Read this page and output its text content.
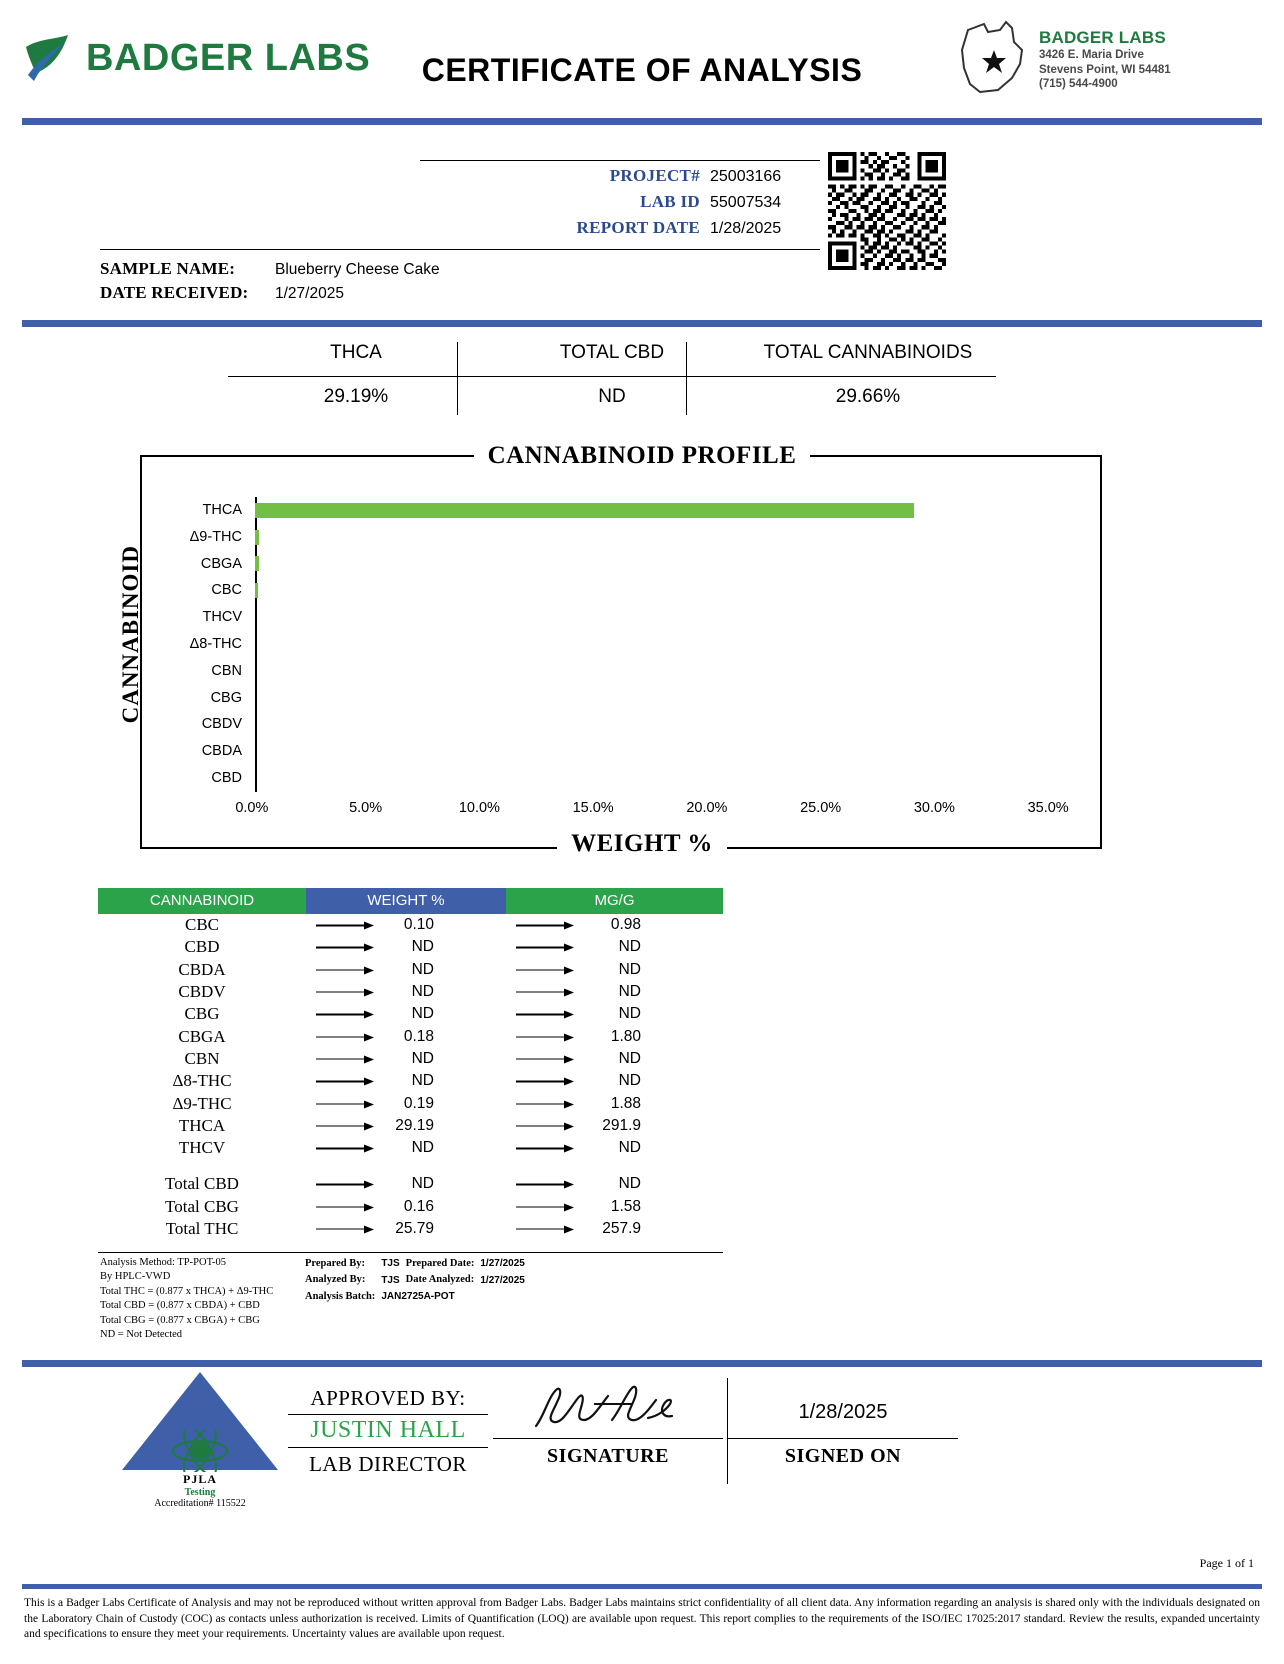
BADGER LABS	CERTIFICATE OF ANALYSIS
BADGER LABS
3426 E. Maria Drive
Stevens Point, WI 54481
(715) 544-4900
PROJECT# 25003166
LAB ID 55007534
REPORT DATE 1/28/2025
SAMPLE NAME:	Blueberry Cheese Cake
DATE RECEIVED:	1/27/2025
THCA	TOTAL CBD	TOTAL CANNABINOIDS
29.19%	ND	29.66%
CANNABINOID PROFILE
CANNABINOID
THCA
Δ9-THC
CBGA
CBC
THCV
Δ8-THC
CBN
CBG
CBDV
CBDA
CBD
0.0%	5.0%	10.0%	15.0%	20.0%	25.0%	30.0%	35.0%
WEIGHT %
CANNABINOID	WEIGHT %	MG/G
CBC	0.10	0.98
CBD	ND	ND
CBDA	ND	ND
CBDV	ND	ND
CBG	ND	ND
CBGA	0.18	1.80
CBN	ND	ND
Δ8-THC	ND	ND
Δ9-THC	0.19	1.88
THCA	29.19	291.9
THCV	ND	ND
Total CBD	ND	ND
Total CBG	0.16	1.58
Total THC	25.79	257.9
Analysis Method: TP-POT-05
By HPLC-VWD
Total THC = (0.877 x THCA) + Δ9-THC
Total CBD = (0.877 x CBDA) + CBD
Total CBG = (0.877 x CBGA) + CBG
ND = Not Detected
Prepared By:	TJS	Prepared Date:	1/27/2025
Analyzed By:	TJS	Date Analyzed:	1/27/2025
Analysis Batch:	JAN2725A-POT		
PJLA
Testing
Accreditation# 115522
APPROVED BY:
JUSTIN HALL
LAB DIRECTOR	SIGNATURE
1/28/2025
SIGNED ON
Page 1 of 1
This is a Badger Labs Certificate of Analysis and may not be reproduced without written approval from Badger Labs. Badger Labs maintains strict confidentiality of all client data. Any information regarding an analysis is shared only with the individuals designated on the Laboratory Chain of Custody (COC) as contacts unless authorization is received. Limits of Quantification (LOQ) are available upon request. This report complies to the requirements of the ISO/IEC 17025:2017 standard. Review the results, expanded uncertainty and specifications to ensure they meet your requirements. Uncertainty values are available upon request.
